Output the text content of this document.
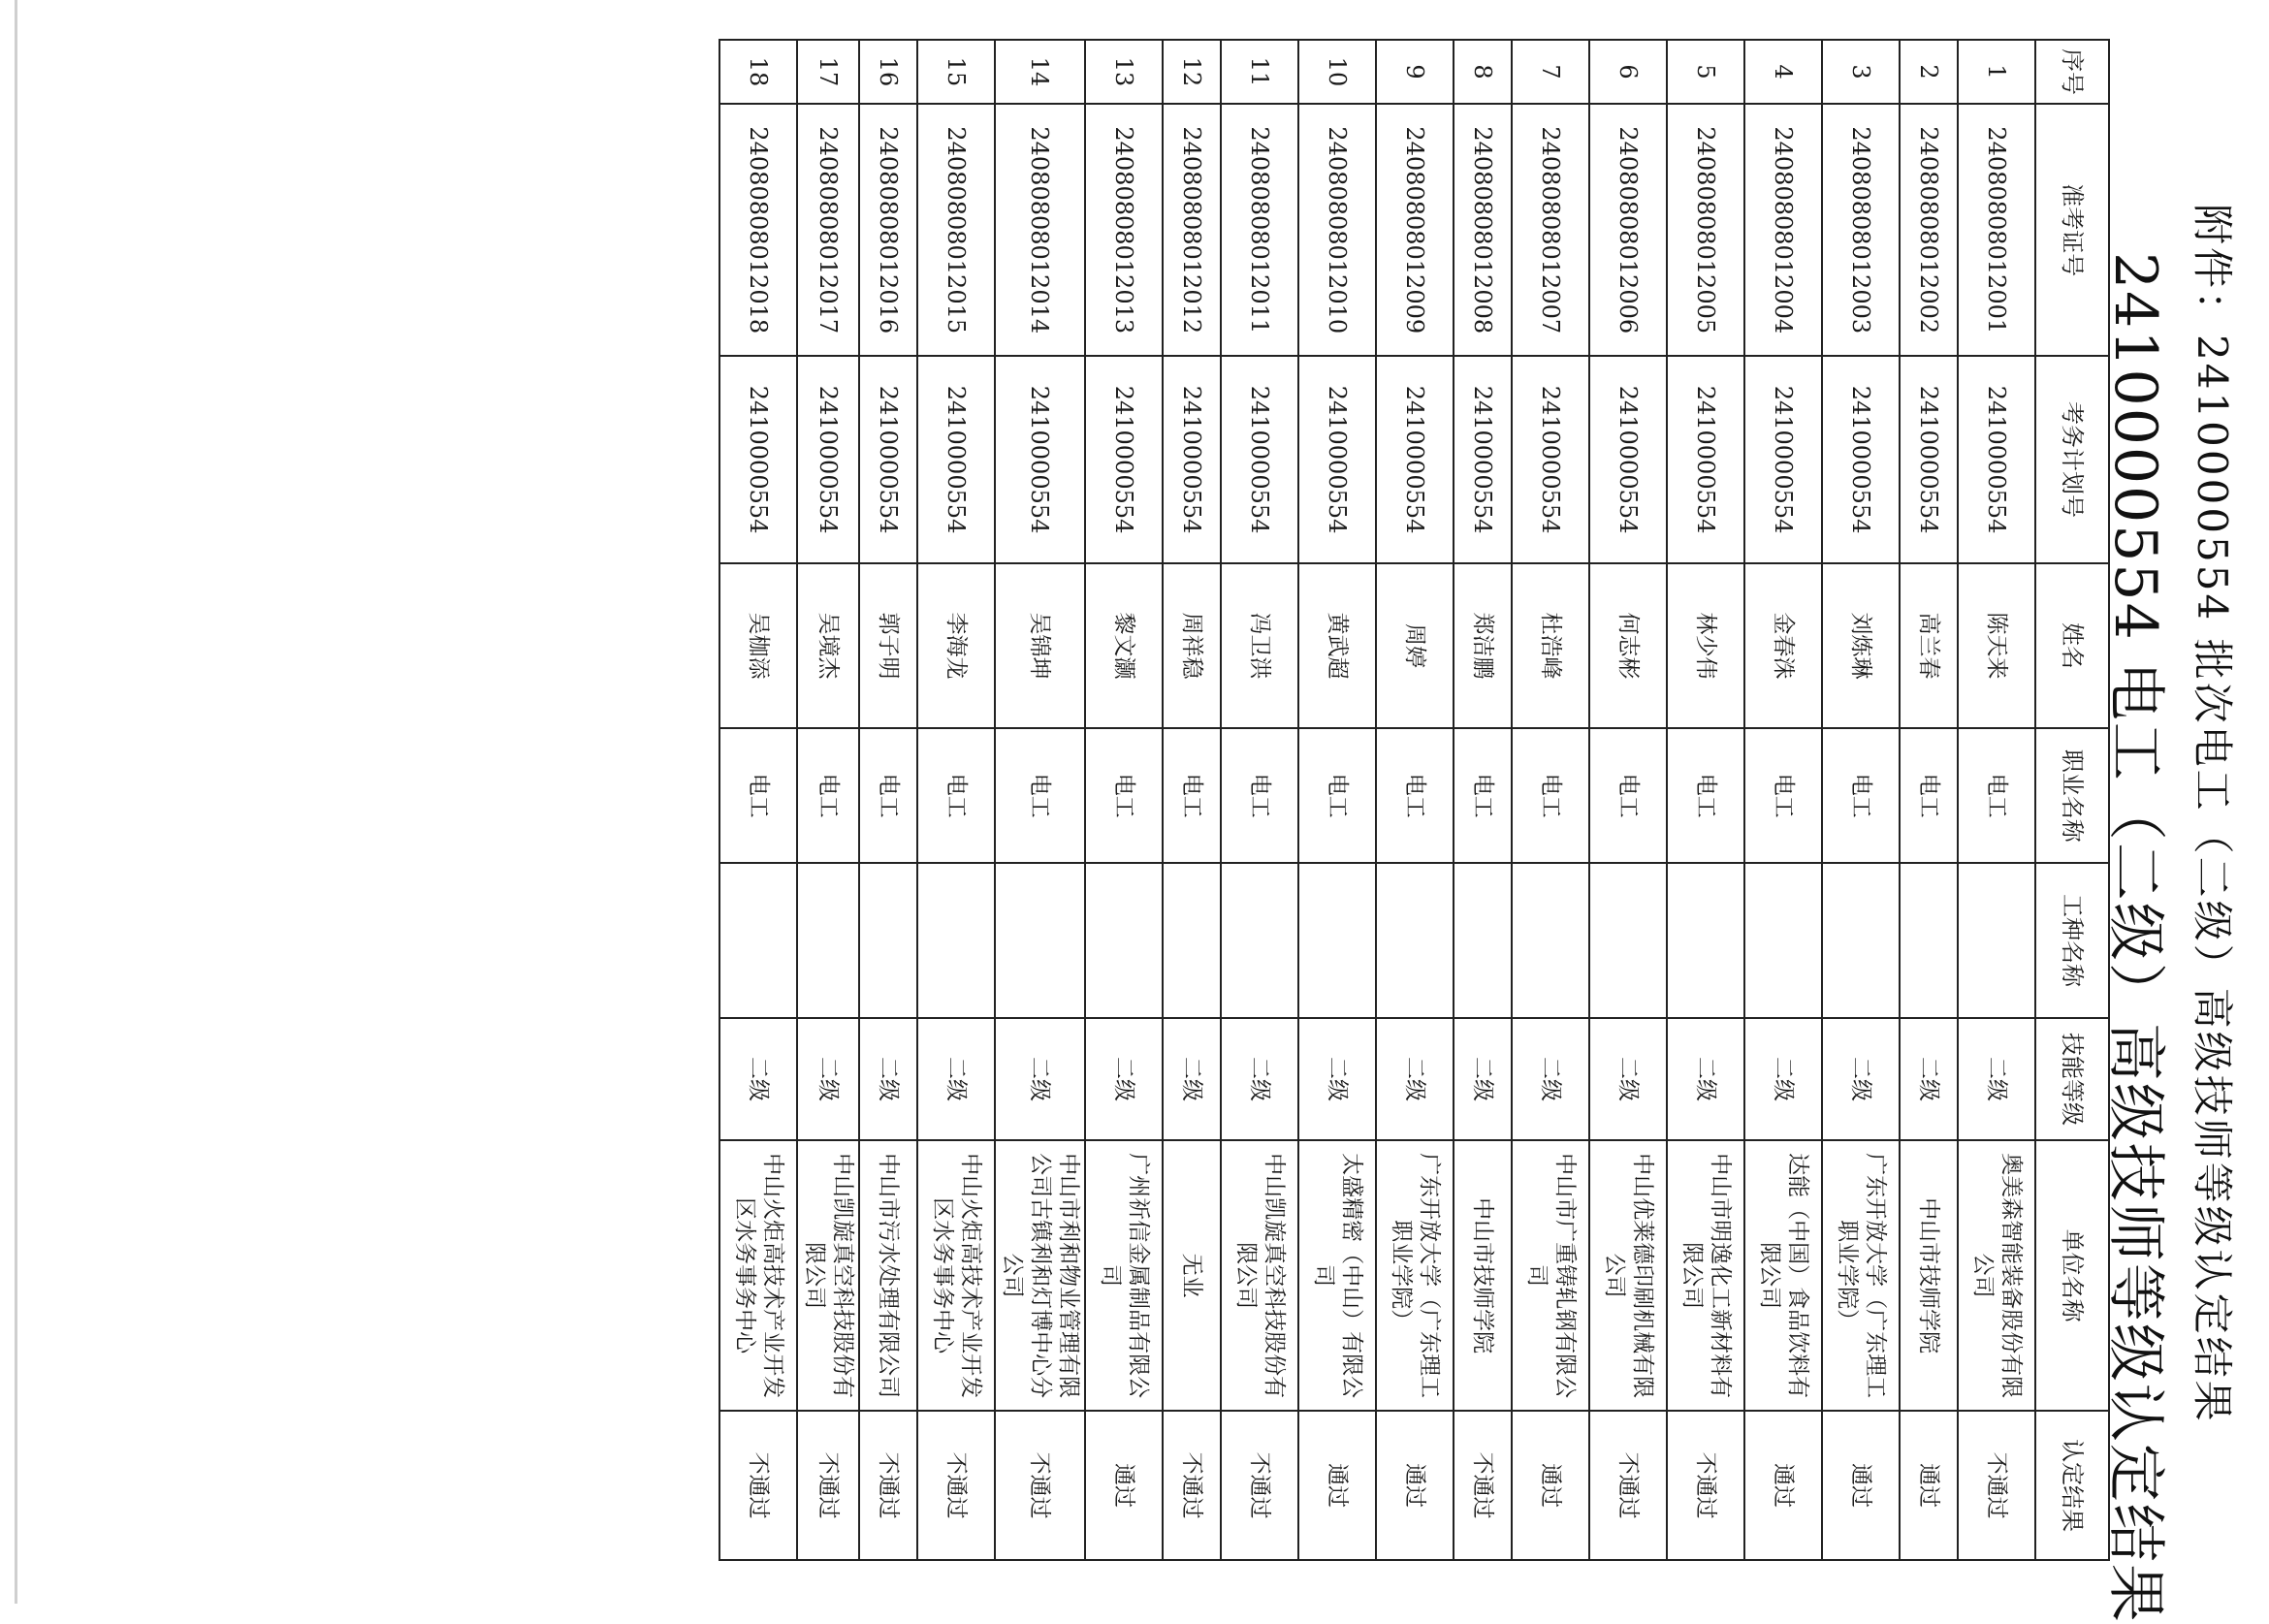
附件：2410000554 批次电工（二级）高级技师等级认定结果
2410000554 电工（二级）高级技师等级认定结果
序号	准考证号	考务计划号	姓名	职业名称	工种名称	技能等级	单位名称	认定结果
1	2408080801​2001	2410000554	陈天来	电工		二级	奥美森智能装备股份有限公司	不通过
2	24080808012002	2410000554	高兰春	电工		二级	中山市技师学院	通过
3	24080808012003	2410000554	刘炼琳	电工		二级	广东开放大学（广东理工职业学院）	通过
4	24080808012004	2410000554	金春洙	电工		二级	达能（中国）食品饮料有限公司	通过
5	24080808012005	2410000554	林少伟	电工		二级	中山市明逸化工新材料有限公司	不通过
6	24080808012006	2410000554	何志彬	电工		二级	中山优莱德印刷机械有限公司	不通过
7	24080808012007	2410000554	杜浩峰	电工		二级	中山市广重铸轧钢有限公司	通过
8	24080808012008	2410000554	郑洁鹏	电工		二级	中山市技师学院	不通过
9	24080808012009	2410000554	周婷	电工		二级	广东开放大学（广东理工职业学院）	通过
10	24080808012010	2410000554	黄武超	电工		二级	太盛精密（中山）有限公司	通过
11	24080808012011	2410000554	冯卫洪	电工		二级	中山凯旋真空科技股份有限公司	不通过
12	24080808012012	2410000554	周祥稳	电工		二级	无业	不通过
13	24080808012013	2410000554	黎文灏	电工		二级	广州祈信金属制品有限公司	通过
14	24080808012014	2410000554	吴锦坤	电工		二级	中山市利和物业管理有限公司古镇利和灯博中心分公司	不通过
15	24080808012015	2410000554	李海龙	电工		二级	中山火炬高技术产业开发区水务事务中心	不通过
16	24080808012016	2410000554	郭子明	电工		二级	中山市污水处理有限公司	不通过
17	24080808012017	2410000554	吴境杰	电工		二级	中山凯旋真空科技股份有限公司	不通过
18	24080808012018	2410000554	吴枷添	电工		二级	中山火炬高技术产业开发区水务事务中心	不通过
